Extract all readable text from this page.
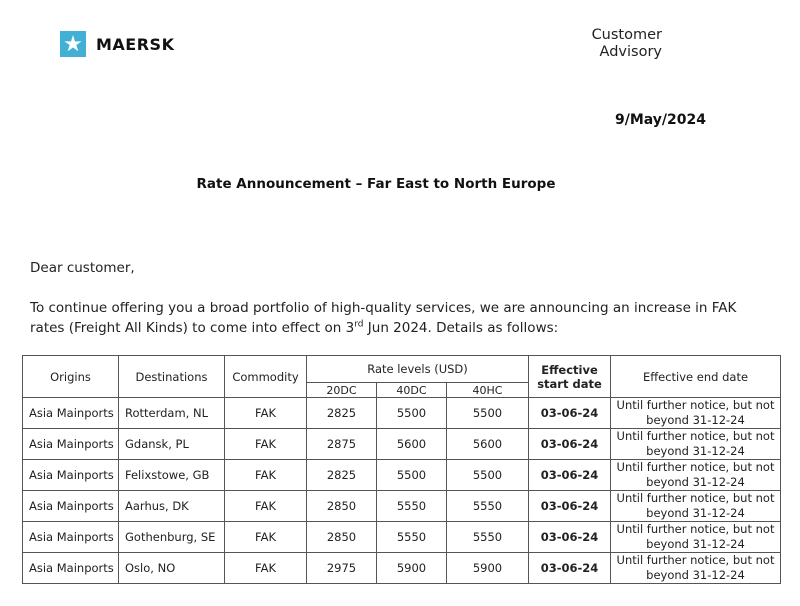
MAERSK	Customer
Advisory
9/May/2024
Rate Announcement – Far East to North Europe
Dear customer,
To continue offering you a broad portfolio of high-quality services, we are announcing an increase in FAK rates (Freight All Kinds) to come into effect on 3rd Jun 2024. Details as follows:
Origins	Destinations	Commodity	Rate levels (USD)			Effective start date	Effective end date
			20DC	40DC	40HC		
Asia Mainports	Rotterdam, NL	FAK	2825	5500	5500	03-06-24	Until further notice, but not beyond 31-12-24
Asia Mainports	Gdansk, PL	FAK	2875	5600	5600	03-06-24	Until further notice, but not beyond 31-12-24
Asia Mainports	Felixstowe, GB	FAK	2825	5500	5500	03-06-24	Until further notice, but not beyond 31-12-24
Asia Mainports	Aarhus, DK	FAK	2850	5550	5550	03-06-24	Until further notice, but not beyond 31-12-24
Asia Mainports	Gothenburg, SE	FAK	2850	5550	5550	03-06-24	Until further notice, but not beyond 31-12-24
Asia Mainports	Oslo, NO	FAK	2975	5900	5900	03-06-24	Until further notice, but not beyond 31-12-24
